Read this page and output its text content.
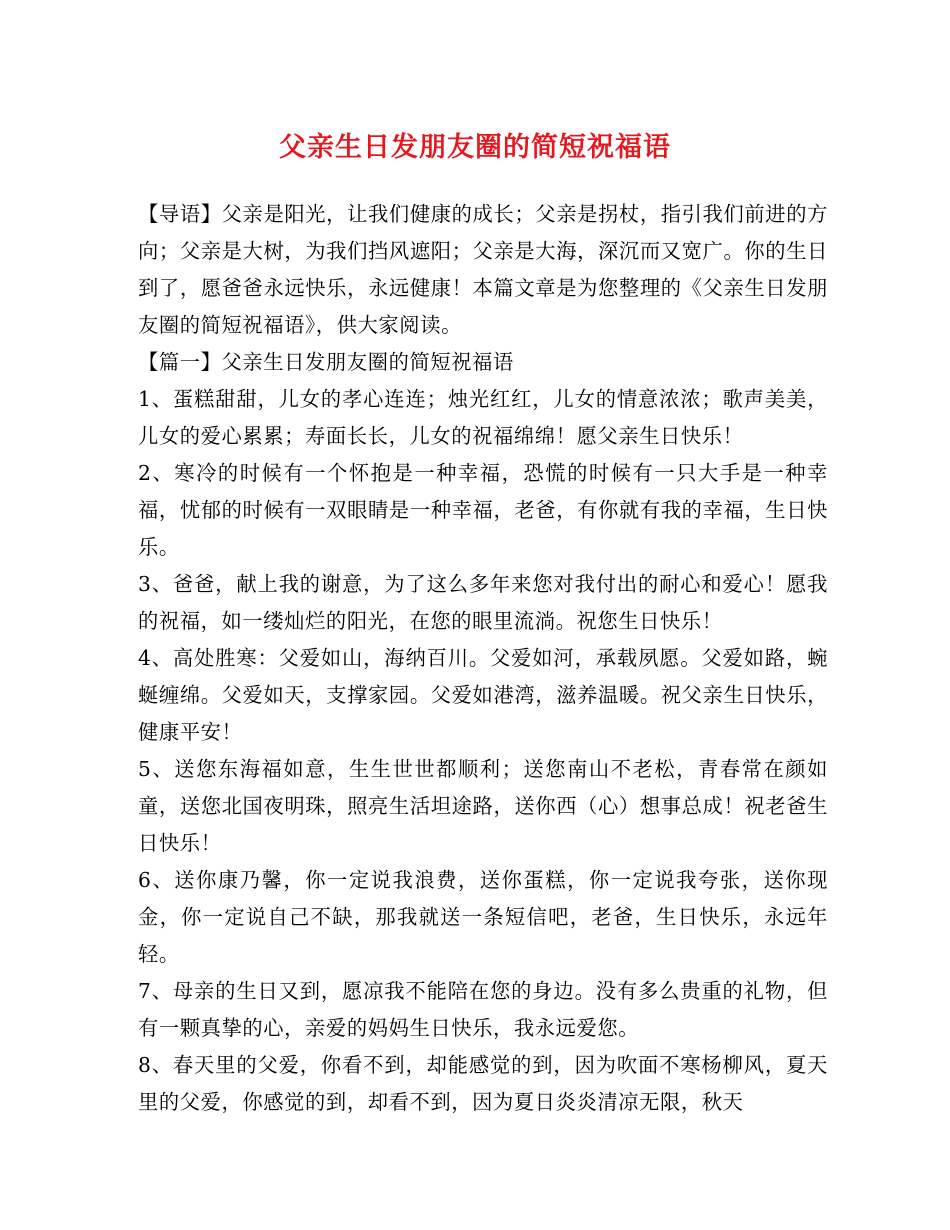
父亲生日发朋友圈的简短祝福语

【导语】父亲是阳光，让我们健康的成长；父亲是拐杖，指引我们前进的方向；父亲是大树，为我们挡风遮阳；父亲是大海，深沉而又宽广。你的生日到了，愿爸爸永远快乐，永远健康！本篇文章是为您整理的《父亲生日发朋友圈的简短祝福语》，供大家阅读。

【篇一】父亲生日发朋友圈的简短祝福语

1、蛋糕甜甜，儿女的孝心连连；烛光红红，儿女的情意浓浓；歌声美美，儿女的爱心累累；寿面长长，儿女的祝福绵绵！愿父亲生日快乐！

2、寒冷的时候有一个怀抱是一种幸福，恐慌的时候有一只大手是一种幸福，忧郁的时候有一双眼睛是一种幸福，老爸，有你就有我的幸福，生日快乐。

3、爸爸，献上我的谢意，为了这么多年来您对我付出的耐心和爱心！愿我的祝福，如一缕灿烂的阳光，在您的眼里流淌。祝您生日快乐！

4、高处胜寒：父爱如山，海纳百川。父爱如河，承载夙愿。父爱如路，蜿蜒缠绵。父爱如天，支撑家园。父爱如港湾，滋养温暖。祝父亲生日快乐，健康平安！

5、送您东海福如意，生生世世都顺利；送您南山不老松，青春常在颜如童，送您北国夜明珠，照亮生活坦途路，送你西（心）想事总成！祝老爸生日快乐！

6、送你康乃馨，你一定说我浪费，送你蛋糕，你一定说我夸张，送你现金，你一定说自己不缺，那我就送一条短信吧，老爸，生日快乐，永远年轻。

7、母亲的生日又到，愿凉我不能陪在您的身边。没有多么贵重的礼物，但有一颗真挚的心，亲爱的妈妈生日快乐，我永远爱您。

8、春天里的父爱，你看不到，却能感觉的到，因为吹面不寒杨柳风，夏天里的父爱，你感觉的到，却看不到，因为夏日炎炎清凉无限，秋天
